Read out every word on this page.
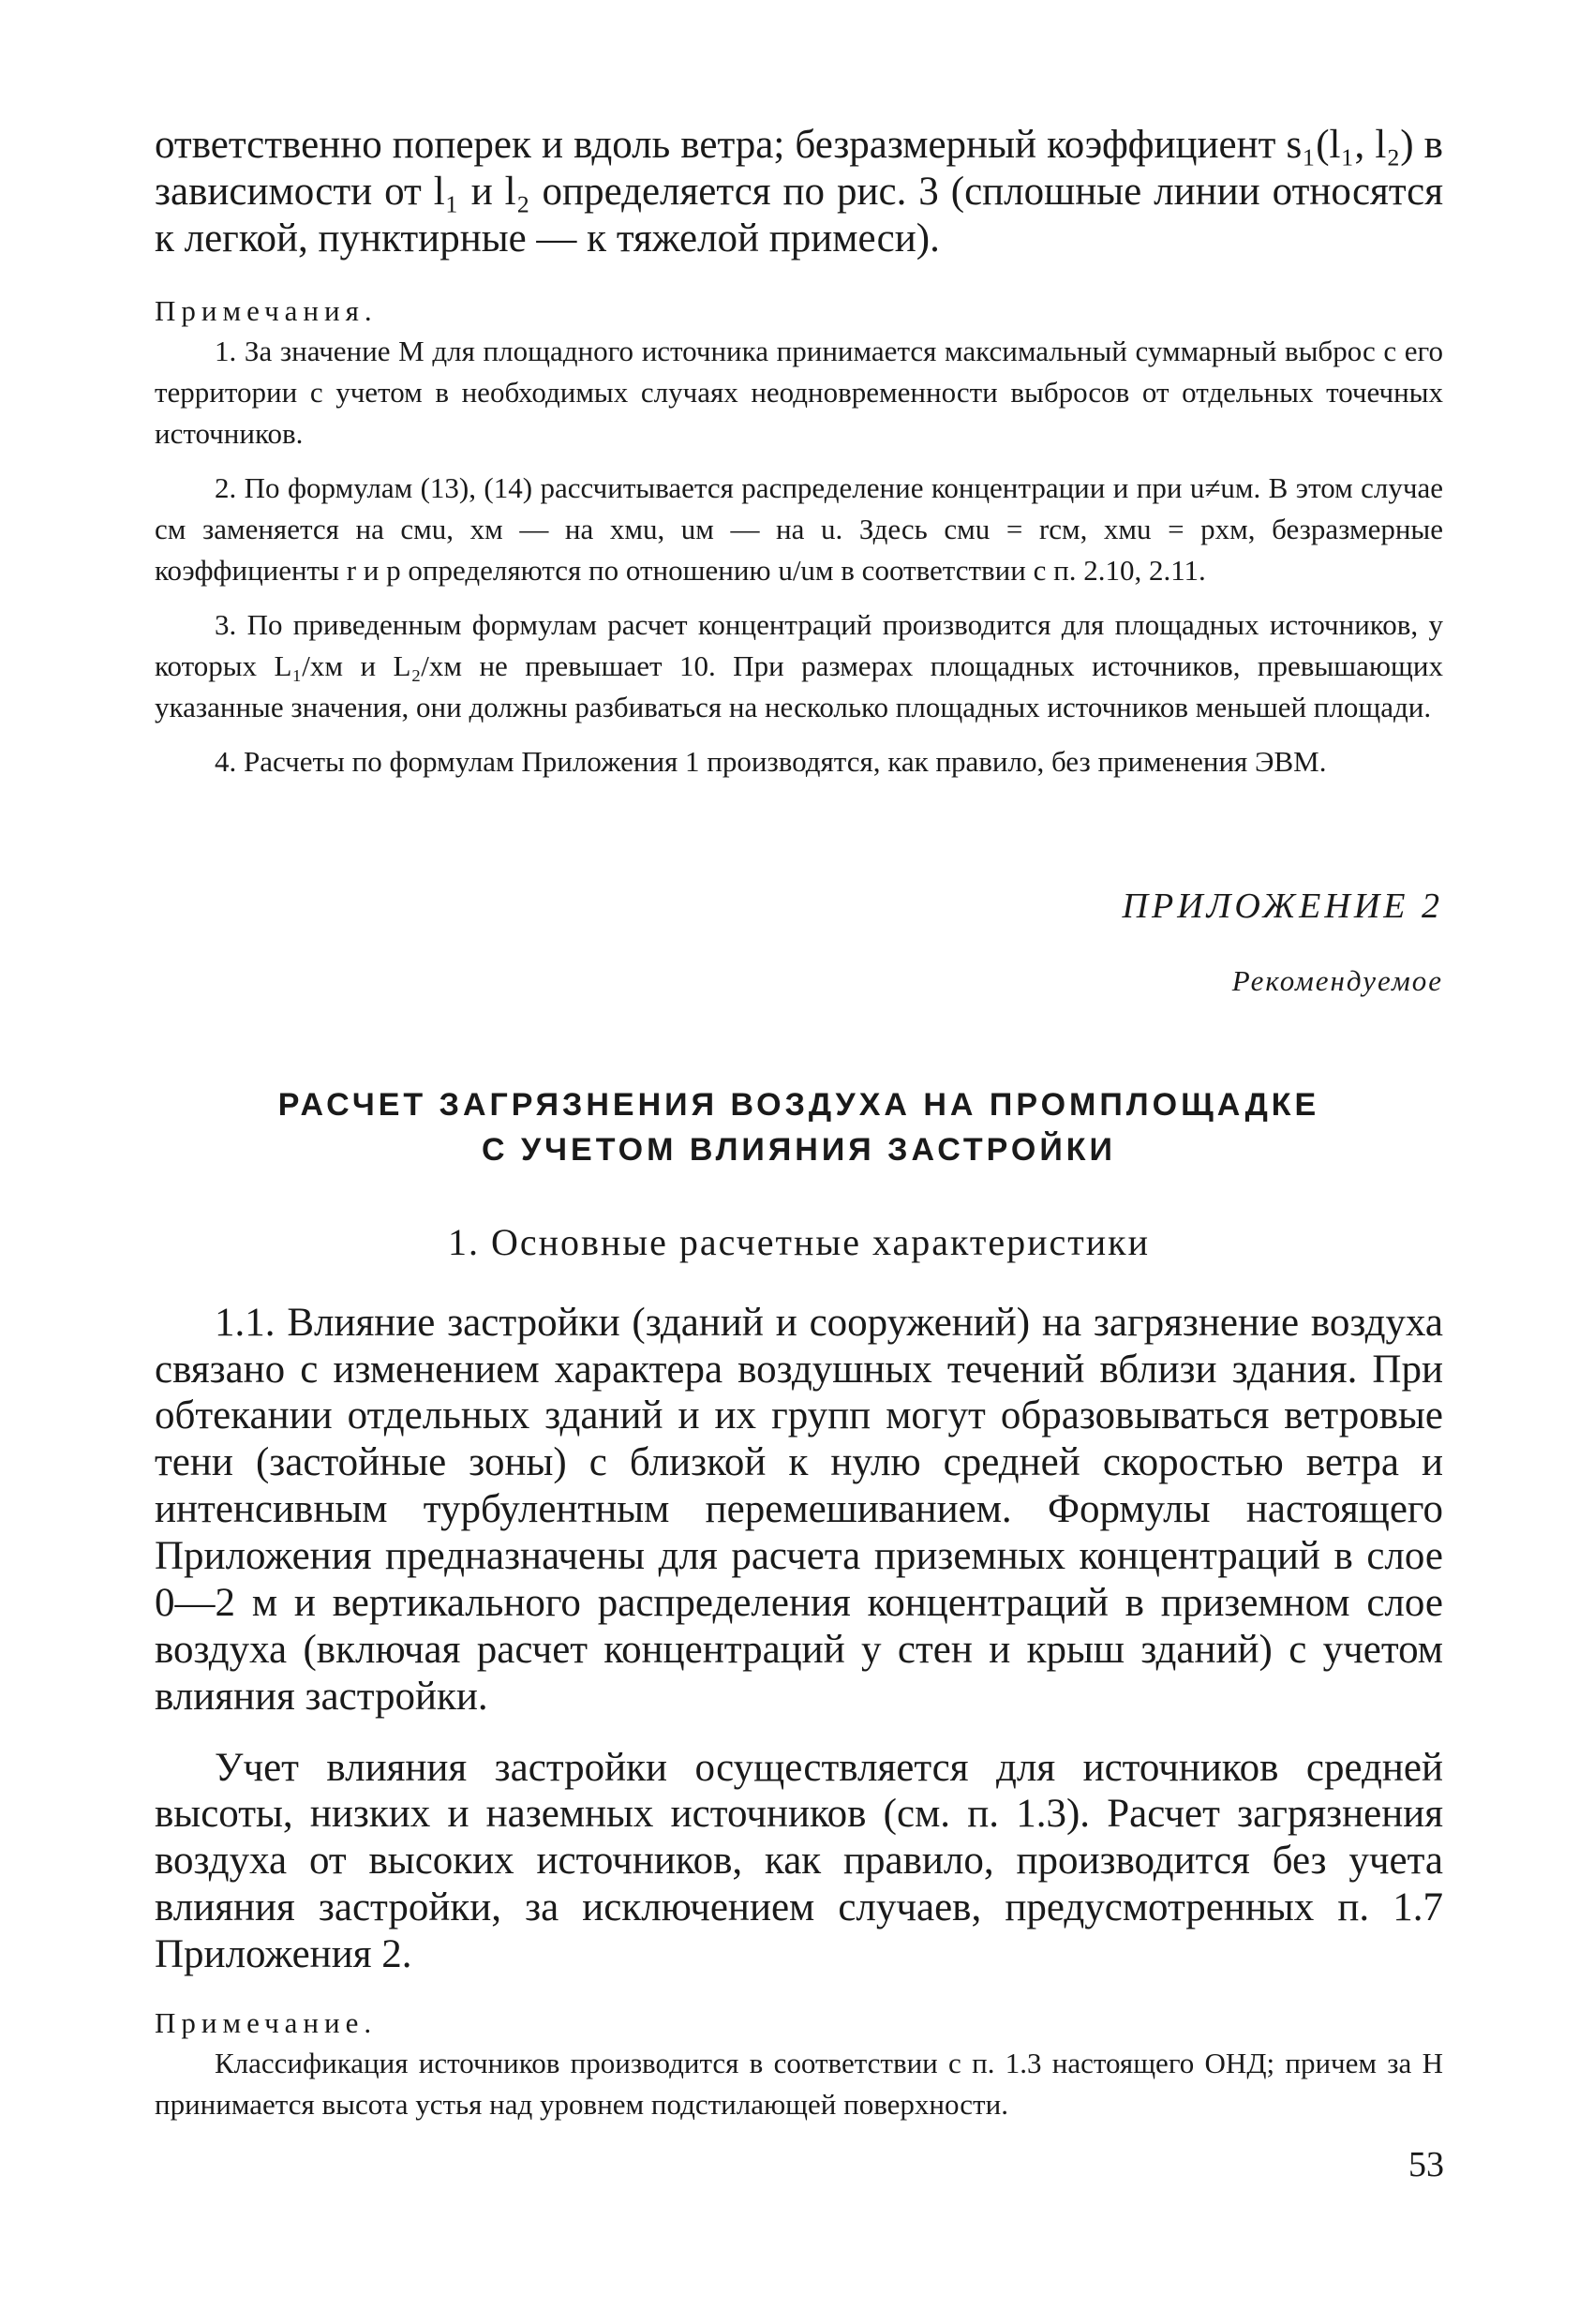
ответственно поперек и вдоль ветра; безразмерный коэффициент s₁(l₁, l₂) в зависимости от l₁ и l₂ определяется по рис. 3 (сплошные линии относятся к легкой, пунктирные — к тяжелой примеси).

Примечания.

1. За значение M для площадного источника принимается максимальный суммарный выброс с его территории с учетом в необходимых случаях неодновременности выбросов от отдельных точечных источников.

2. По формулам (13), (14) рассчитывается распределение концентрации и при u≠uм. В этом случае cм заменяется на cмu, xм — на xмu, uм — на u. Здесь cмu = rcм, xмu = pxм, безразмерные коэффициенты r и p определяются по отношению u/uм в соответствии с п. 2.10, 2.11.

3. По приведенным формулам расчет концентраций производится для площадных источников, у которых L₁/xм и L₂/xм не превышает 10. При размерах площадных источников, превышающих указанные значения, они должны разбиваться на несколько площадных источников меньшей площади.

4. Расчеты по формулам Приложения 1 производятся, как правило, без применения ЭВМ.

ПРИЛОЖЕНИЕ 2

Рекомендуемое

РАСЧЕТ ЗАГРЯЗНЕНИЯ ВОЗДУХА НА ПРОМПЛОЩАДКЕ
С УЧЕТОМ ВЛИЯНИЯ ЗАСТРОЙКИ

1. Основные расчетные характеристики

1.1. Влияние застройки (зданий и сооружений) на загрязнение воздуха связано с изменением характера воздушных течений вблизи здания. При обтекании отдельных зданий и их групп могут образовываться ветровые тени (застойные зоны) с близкой к нулю средней скоростью ветра и интенсивным турбулентным перемешиванием. Формулы настоящего Приложения предназначены для расчета приземных концентраций в слое 0—2 м и вертикального распределения концентраций в приземном слое воздуха (включая расчет концентраций у стен и крыш зданий) с учетом влияния застройки.

Учет влияния застройки осуществляется для источников средней высоты, низких и наземных источников (см. п. 1.3). Расчет загрязнения воздуха от высоких источников, как правило, производится без учета влияния застройки, за исключением случаев, предусмотренных п. 1.7 Приложения 2.

Примечание.

Классификация источников производится в соответствии с п. 1.3 настоящего ОНД; причем за H принимается высота устья над уровнем подстилающей поверхности.

53
